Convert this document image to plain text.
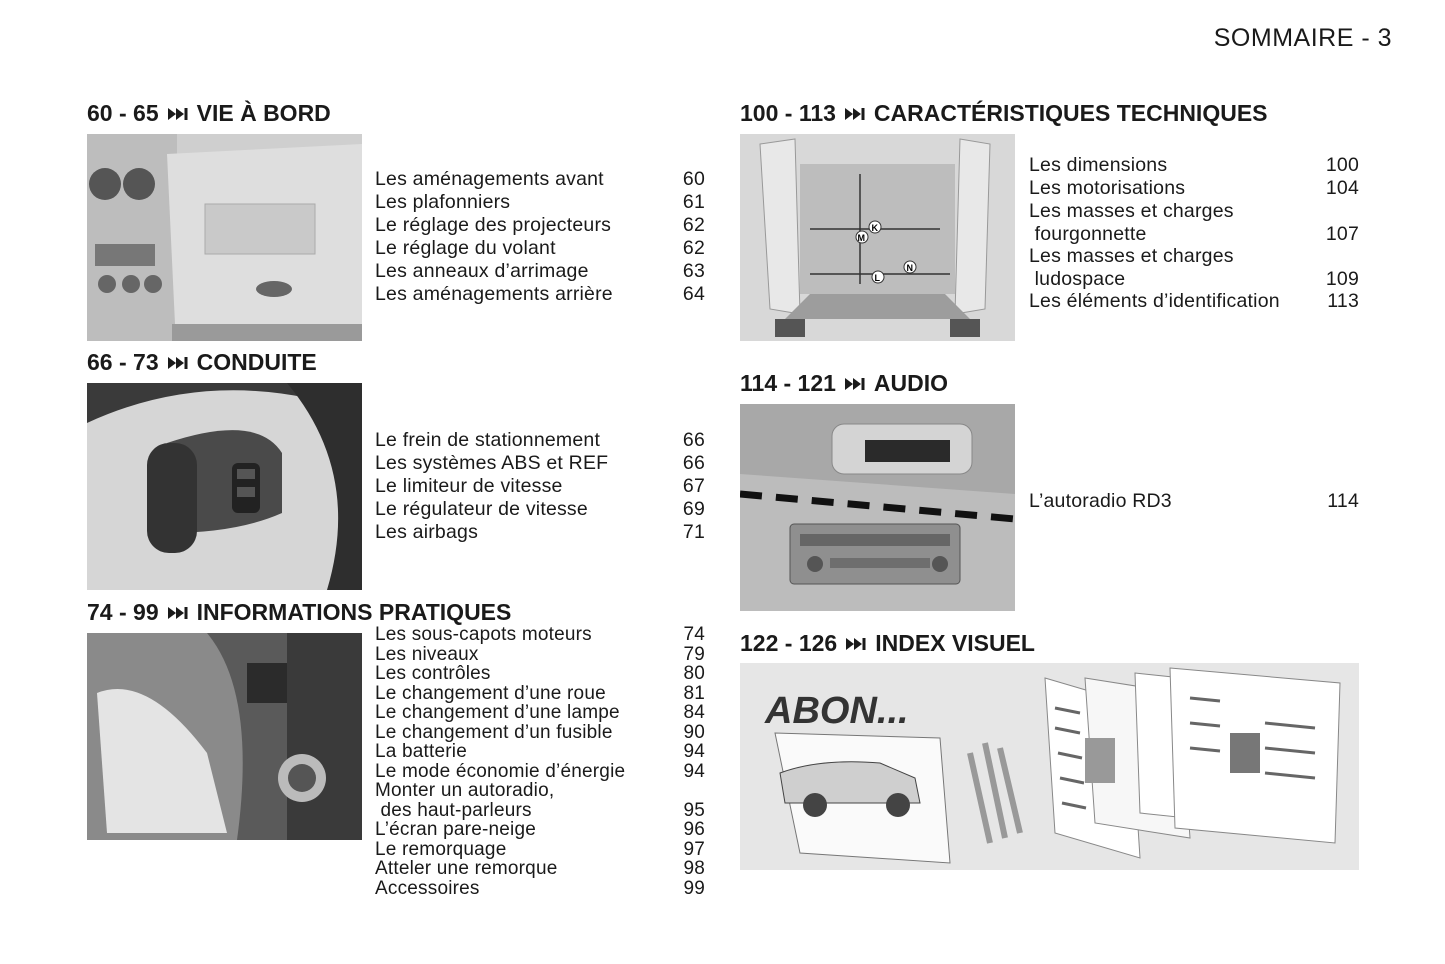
SOMMAIRE - 3
60 - 65 VIE À BORD
Les aménagements avant	60
Les plafonniers	61
Le réglage des projecteurs	62
Le réglage du volant	62
Les anneaux d’arrimage	63
Les aménagements arrière	64
66 - 73 CONDUITE
Le frein de stationnement	66
Les systèmes ABS et REF	66
Le limiteur de vitesse	67
Le régulateur de vitesse	69
Les airbags	71
74 - 99 INFORMATIONS PRATIQUES
Les sous-capots moteurs	74
Les niveaux	79
Les contrôles	80
Le changement d’une roue	81
Le changement d’une lampe	84
Le changement d’un fusible	90
La batterie	94
Le mode économie d’énergie	94
Monter un autoradio,
des haut-parleurs	95
L’écran pare-neige	96
Le remorquage	97
Atteler une remorque	98
Accessoires	99
100 - 113 CARACTÉRISTIQUES TECHNIQUES
K
M
N
L
Les dimensions	100
Les motorisations	104
Les masses et charges
fourgonnette	107
Les masses et charges
ludospace	109
Les éléments d’identification	113
114 - 121 AUDIO
L’autoradio RD3	114
122 - 126 INDEX VISUEL
ABON...
